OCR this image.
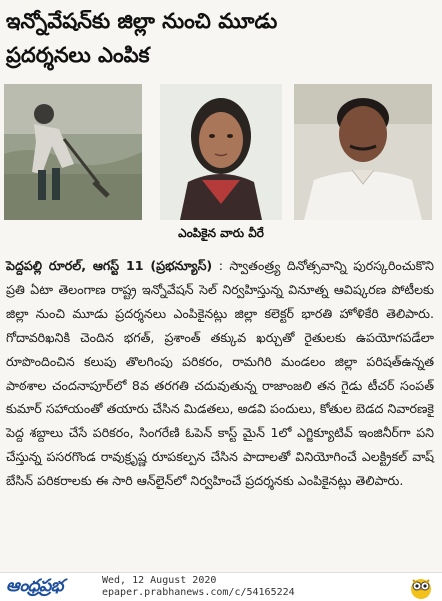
ఇన్నోవేషన్‌కు జిల్లా నుంచి మూడు ప్రదర్శనలు ఎంపిక
ఎంపికైన వారు వీరే
పెద్దపల్లి రూరల్, ఆగస్ట్ 11 (ప్రభన్యూస్) : స్వాతంత్ర్య దినోత్సవాన్ని పురస్కరించుకొని ప్రతి ఏటా తెలంగాణ రాష్ట్ర ఇన్నోవేషన్ సెల్ నిర్వహిస్తున్న వినూత్న ఆవిష్కరణ పోటీలకు జిల్లా నుంచి మూడు ప్రదర్శనలు ఎంపికైనట్లు జిల్లా కలెక్టర్ భారతి హోళికేరి తెలిపారు. గోదావరిఖనికి చెందిన భగత్, ప్రశాంత్ తక్కువ ఖర్చుతో రైతులకు ఉపయోగపడేలా రూపొందించిన కలుపు తొలగింపు పరికరం, రామగిరి మండలం జిల్లా పరిషత్ఉన్నత పాఠశాల చందనాపూర్‌లో 8వ తరగతి చదువుతున్న రాజాంజలి తన గైడు టీచర్ సంపత్ కుమార్ సహాయంతో తయారు చేసిన మిడతలు, అడవి పందులు, కోతుల బెడద నివారణకై పెద్ద శబ్దాలు చేసే పరికరం, సింగరేణి ఓపెన్ కాస్ట్ మైన్ 1లో ఎగ్జిక్యూటివ్ ఇంజినీర్‌గా పని చేస్తున్న పసరగొండ రావుక్రృష్ణ రూపకల్పన చేసిన పాదాలతో వినియోగించే ఎలక్ట్రికల్ వాష్ బేసిన్ పరికరాలకు ఈ సారి ఆన్‌లైన్‌లో నిర్వహించే ప్రదర్శనకు ఎంపికైనట్లు తెలిపారు.
ఆంధ్రప్రభ	Wed, 12 August 2020
epaper.prabhanews.com/c/54165224
